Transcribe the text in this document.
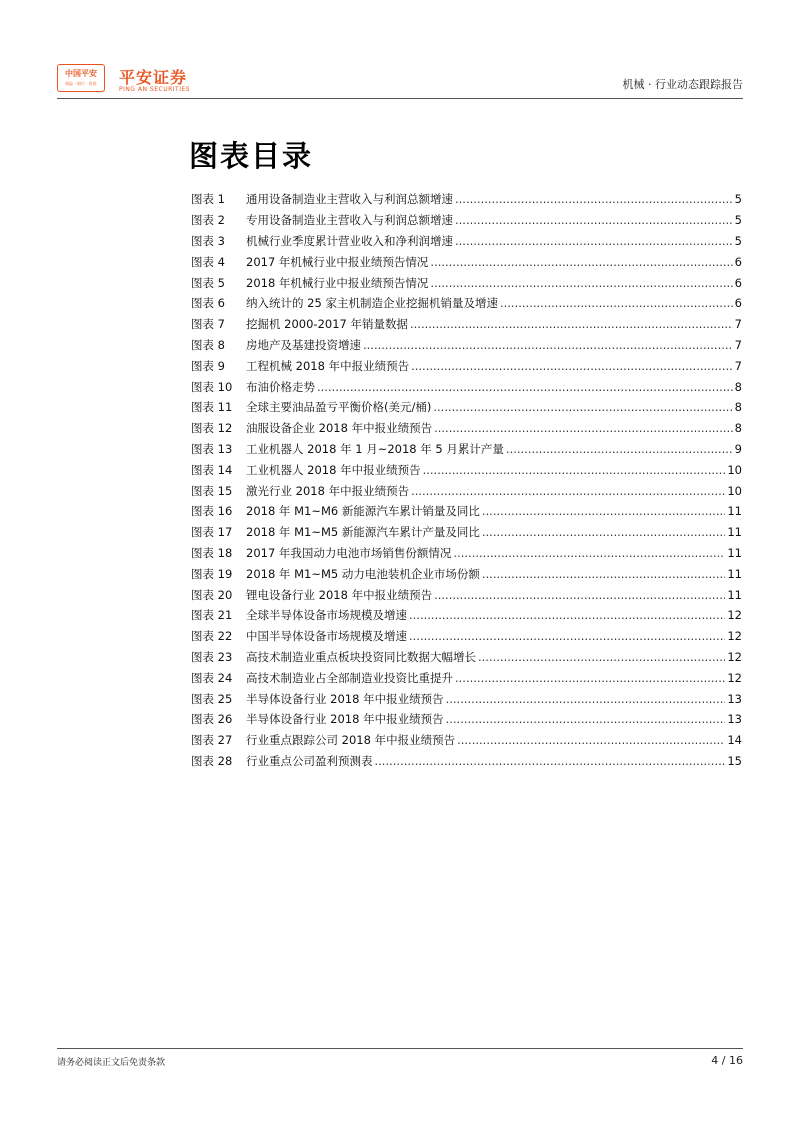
中国平安
保险 · 银行 · 投资	平安证券
PING AN SECURITIES	机械 · 行业动态跟踪报告
图表目录
图表 1	通用设备制造业主营收入与利润总额增速 .....	5
图表 2	专用设备制造业主营收入与利润总额增速 .....	5
图表 3	机械行业季度累计营业收入和净利润增速 .....	5
图表 4	2017 年机械行业中报业绩预告情况 .....	6
图表 5	2018 年机械行业中报业绩预告情况 .....	6
图表 6	纳入统计的 25 家主机制造企业挖掘机销量及增速 .....	6
图表 7	挖掘机 2000-2017 年销量数据 .....	7
图表 8	房地产及基建投资增速 .....	7
图表 9	工程机械 2018 年中报业绩预告 .....	7
图表 10	布油价格走势 .....	8
图表 11	全球主要油品盈亏平衡价格(美元/桶) .....	8
图表 12	油服设备企业 2018 年中报业绩预告 .....	8
图表 13	工业机器人 2018 年 1 月~2018 年 5 月累计产量 .....	9
图表 14	工业机器人 2018 年中报业绩预告 .....	10
图表 15	激光行业 2018 年中报业绩预告 .....	10
图表 16	2018 年 M1~M6 新能源汽车累计销量及同比 .....	11
图表 17	2018 年 M1~M5 新能源汽车累计产量及同比 .....	11
图表 18	2017 年我国动力电池市场销售份额情况 .....	11
图表 19	2018 年 M1~M5 动力电池装机企业市场份额 .....	11
图表 20	锂电设备行业 2018 年中报业绩预告 .....	11
图表 21	全球半导体设备市场规模及增速 .....	12
图表 22	中国半导体设备市场规模及增速 .....	12
图表 23	高技术制造业重点板块投资同比数据大幅增长 .....	12
图表 24	高技术制造业占全部制造业投资比重提升 .....	12
图表 25	半导体设备行业 2018 年中报业绩预告 .....	13
图表 26	半导体设备行业 2018 年中报业绩预告 .....	13
图表 27	行业重点跟踪公司 2018 年中报业绩预告 .....	14
图表 28	行业重点公司盈利预测表 .....	15
请务必阅读正文后免责条款	4 / 16
